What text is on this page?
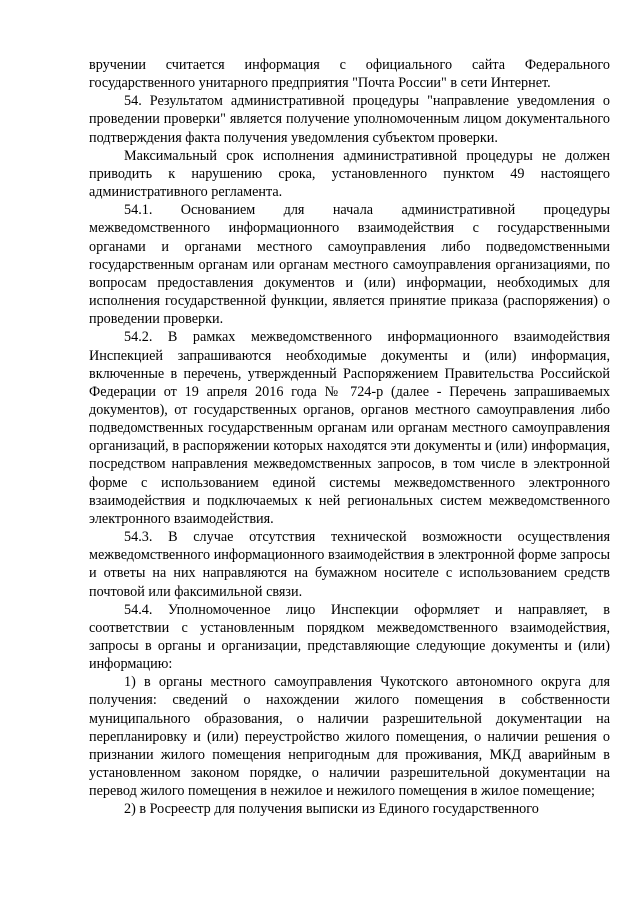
вручении считается информация с официального сайта Федерального государственного унитарного предприятия "Почта России" в сети Интернет.

54. Результатом административной процедуры "направление уведомления о проведении проверки" является получение уполномоченным лицом документального подтверждения факта получения уведомления субъектом проверки.

Максимальный срок исполнения административной процедуры не должен приводить к нарушению срока, установленного пунктом 49 настоящего административного регламента.

54.1. Основанием для начала административной процедуры межведомственного информационного взаимодействия с государственными органами и органами местного самоуправления либо подведомственными государственным органам или органам местного самоуправления организациями, по вопросам предоставления документов и (или) информации, необходимых для исполнения государственной функции, является принятие приказа (распоряжения) о проведении проверки.

54.2. В рамках межведомственного информационного взаимодействия Инспекцией запрашиваются необходимые документы и (или) информация, включенные в перечень, утвержденный Распоряжением Правительства Российской Федерации от 19 апреля 2016 года № 724-р (далее - Перечень запрашиваемых документов), от государственных органов, органов местного самоуправления либо подведомственных государственным органам или органам местного самоуправления организаций, в распоряжении которых находятся эти документы и (или) информация, посредством направления межведомственных запросов, в том числе в электронной форме с использованием единой системы межведомственного электронного взаимодействия и подключаемых к ней региональных систем межведомственного электронного взаимодействия.

54.3. В случае отсутствия технической возможности осуществления межведомственного информационного взаимодействия в электронной форме запросы и ответы на них направляются на бумажном носителе с использованием средств почтовой или факсимильной связи.

54.4. Уполномоченное лицо Инспекции оформляет и направляет, в соответствии с установленным порядком межведомственного взаимодействия, запросы в органы и организации, представляющие следующие документы и (или) информацию:

1) в органы местного самоуправления Чукотского автономного округа для получения: сведений о нахождении жилого помещения в собственности муниципального образования, о наличии разрешительной документации на перепланировку и (или) переустройство жилого помещения, о наличии решения о признании жилого помещения непригодным для проживания, МКД аварийным в установленном законом порядке, о наличии разрешительной документации на перевод жилого помещения в нежилое и нежилого помещения в жилое помещение;

2) в Росреестр для получения выписки из Единого государственного
